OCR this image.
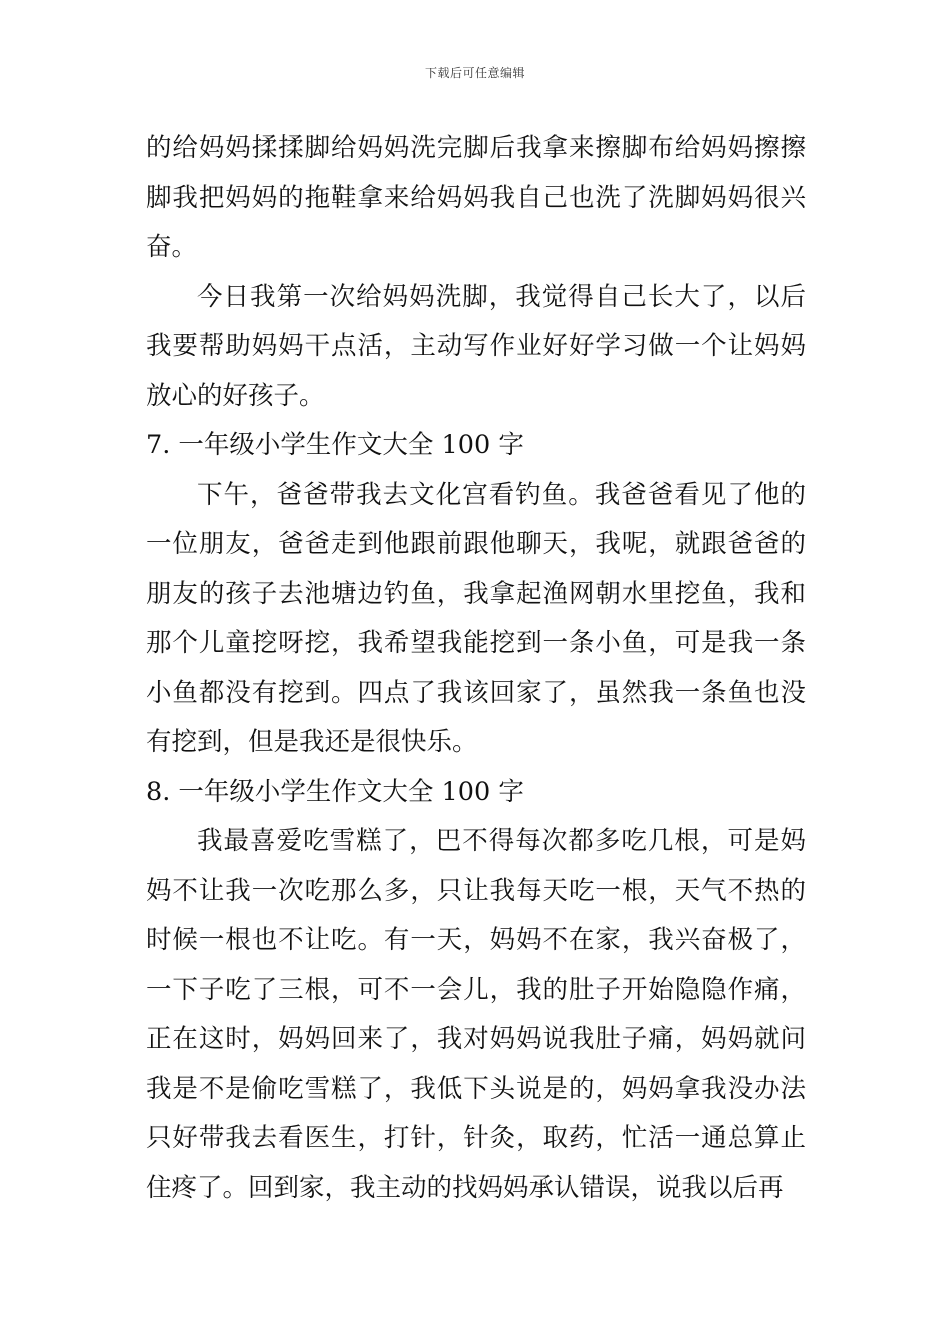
下载后可任意编辑

的给妈妈揉揉脚给妈妈洗完脚后我拿来擦脚布给妈妈擦擦脚我把妈妈的拖鞋拿来给妈妈我自己也洗了洗脚妈妈很兴奋。

今日我第一次给妈妈洗脚，我觉得自己长大了，以后我要帮助妈妈干点活，主动写作业好好学习做一个让妈妈放心的好孩子。

7. 一年级小学生作文大全 100 字

下午，爸爸带我去文化宫看钓鱼。我爸爸看见了他的一位朋友，爸爸走到他跟前跟他聊天，我呢，就跟爸爸的朋友的孩子去池塘边钓鱼，我拿起渔网朝水里挖鱼，我和那个儿童挖呀挖，我希望我能挖到一条小鱼，可是我一条小鱼都没有挖到。四点了我该回家了，虽然我一条鱼也没有挖到，但是我还是很快乐。

8. 一年级小学生作文大全 100 字

我最喜爱吃雪糕了，巴不得每次都多吃几根，可是妈妈不让我一次吃那么多，只让我每天吃一根，天气不热的时候一根也不让吃。有一天，妈妈不在家，我兴奋极了，一下子吃了三根，可不一会儿，我的肚子开始隐隐作痛，正在这时，妈妈回来了，我对妈妈说我肚子痛，妈妈就问我是不是偷吃雪糕了，我低下头说是的，妈妈拿我没办法只好带我去看医生，打针，针灸，取药，忙活一通总算止住疼了。回到家，我主动的找妈妈承认错误，说我以后再
